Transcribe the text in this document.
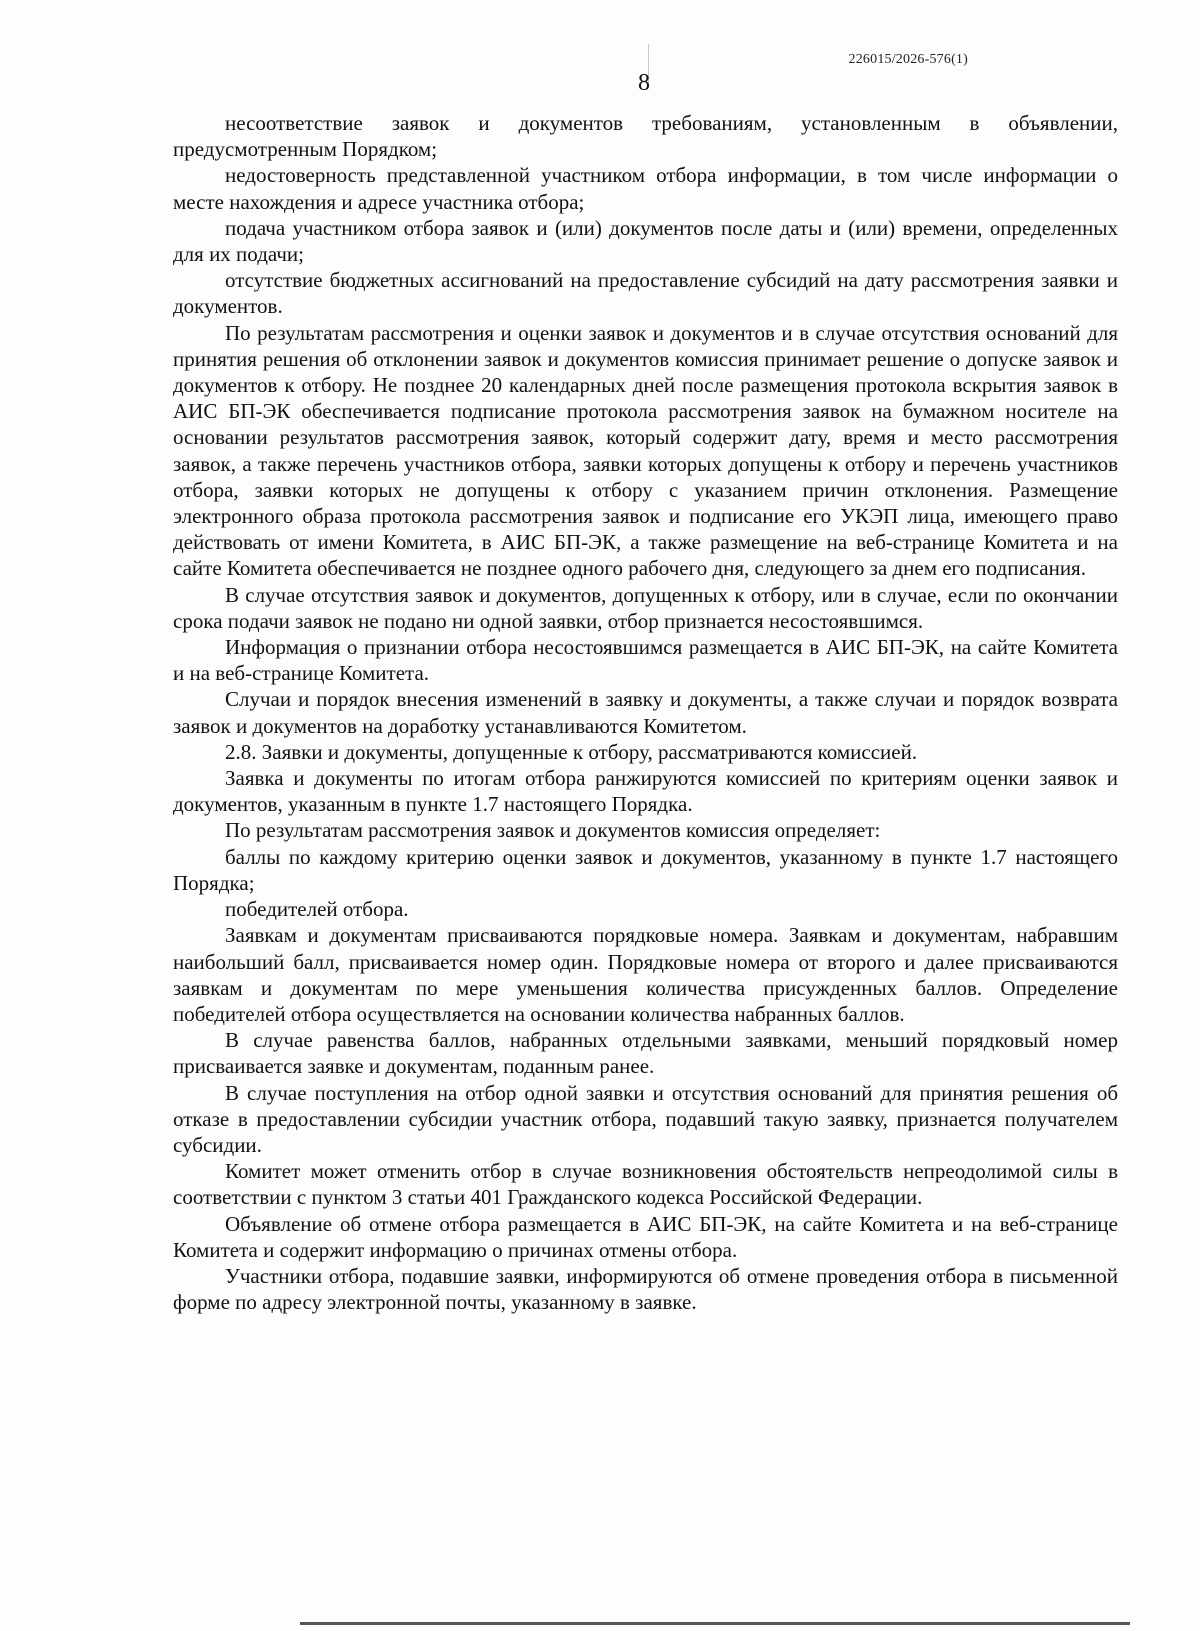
226015/2026-576(1)
8

несоответствие заявок и документов требованиям, установленным в объявлении, предусмотренным Порядком;

недостоверность представленной участником отбора информации, в том числе информации о месте нахождения и адресе участника отбора;

подача участником отбора заявок и (или) документов после даты и (или) времени, определенных для их подачи;

отсутствие бюджетных ассигнований на предоставление субсидий на дату рассмотрения заявки и документов.

По результатам рассмотрения и оценки заявок и документов и в случае отсутствия оснований для принятия решения об отклонении заявок и документов комиссия принимает решение о допуске заявок и документов к отбору. Не позднее 20 календарных дней после размещения протокола вскрытия заявок в АИС БП-ЭК обеспечивается подписание протокола рассмотрения заявок на бумажном носителе на основании результатов рассмотрения заявок, который содержит дату, время и место рассмотрения заявок, а также перечень участников отбора, заявки которых допущены к отбору и перечень участников отбора, заявки которых не допущены к отбору с указанием причин отклонения. Размещение электронного образа протокола рассмотрения заявок и подписание его УКЭП лица, имеющего право действовать от имени Комитета, в АИС БП-ЭК, а также размещение на веб-странице Комитета и на сайте Комитета обеспечивается не позднее одного рабочего дня, следующего за днем его подписания.

В случае отсутствия заявок и документов, допущенных к отбору, или в случае, если по окончании срока подачи заявок не подано ни одной заявки, отбор признается несостоявшимся.

Информация о признании отбора несостоявшимся размещается в АИС БП-ЭК, на сайте Комитета и на веб-странице Комитета.

Случаи и порядок внесения изменений в заявку и документы, а также случаи и порядок возврата заявок и документов на доработку устанавливаются Комитетом.

2.8. Заявки и документы, допущенные к отбору, рассматриваются комиссией.

Заявка и документы по итогам отбора ранжируются комиссией по критериям оценки заявок и документов, указанным в пункте 1.7 настоящего Порядка.

По результатам рассмотрения заявок и документов комиссия определяет:

баллы по каждому критерию оценки заявок и документов, указанному в пункте 1.7 настоящего Порядка;

победителей отбора.

Заявкам и документам присваиваются порядковые номера. Заявкам и документам, набравшим наибольший балл, присваивается номер один. Порядковые номера от второго и далее присваиваются заявкам и документам по мере уменьшения количества присужденных баллов. Определение победителей отбора осуществляется на основании количества набранных баллов.

В случае равенства баллов, набранных отдельными заявками, меньший порядковый номер присваивается заявке и документам, поданным ранее.

В случае поступления на отбор одной заявки и отсутствия оснований для принятия решения об отказе в предоставлении субсидии участник отбора, подавший такую заявку, признается получателем субсидии.

Комитет может отменить отбор в случае возникновения обстоятельств непреодолимой силы в соответствии с пунктом 3 статьи 401 Гражданского кодекса Российской Федерации.

Объявление об отмене отбора размещается в АИС БП-ЭК, на сайте Комитета и на веб-странице Комитета и содержит информацию о причинах отмены отбора.

Участники отбора, подавшие заявки, информируются об отмене проведения отбора в письменной форме по адресу электронной почты, указанному в заявке.
